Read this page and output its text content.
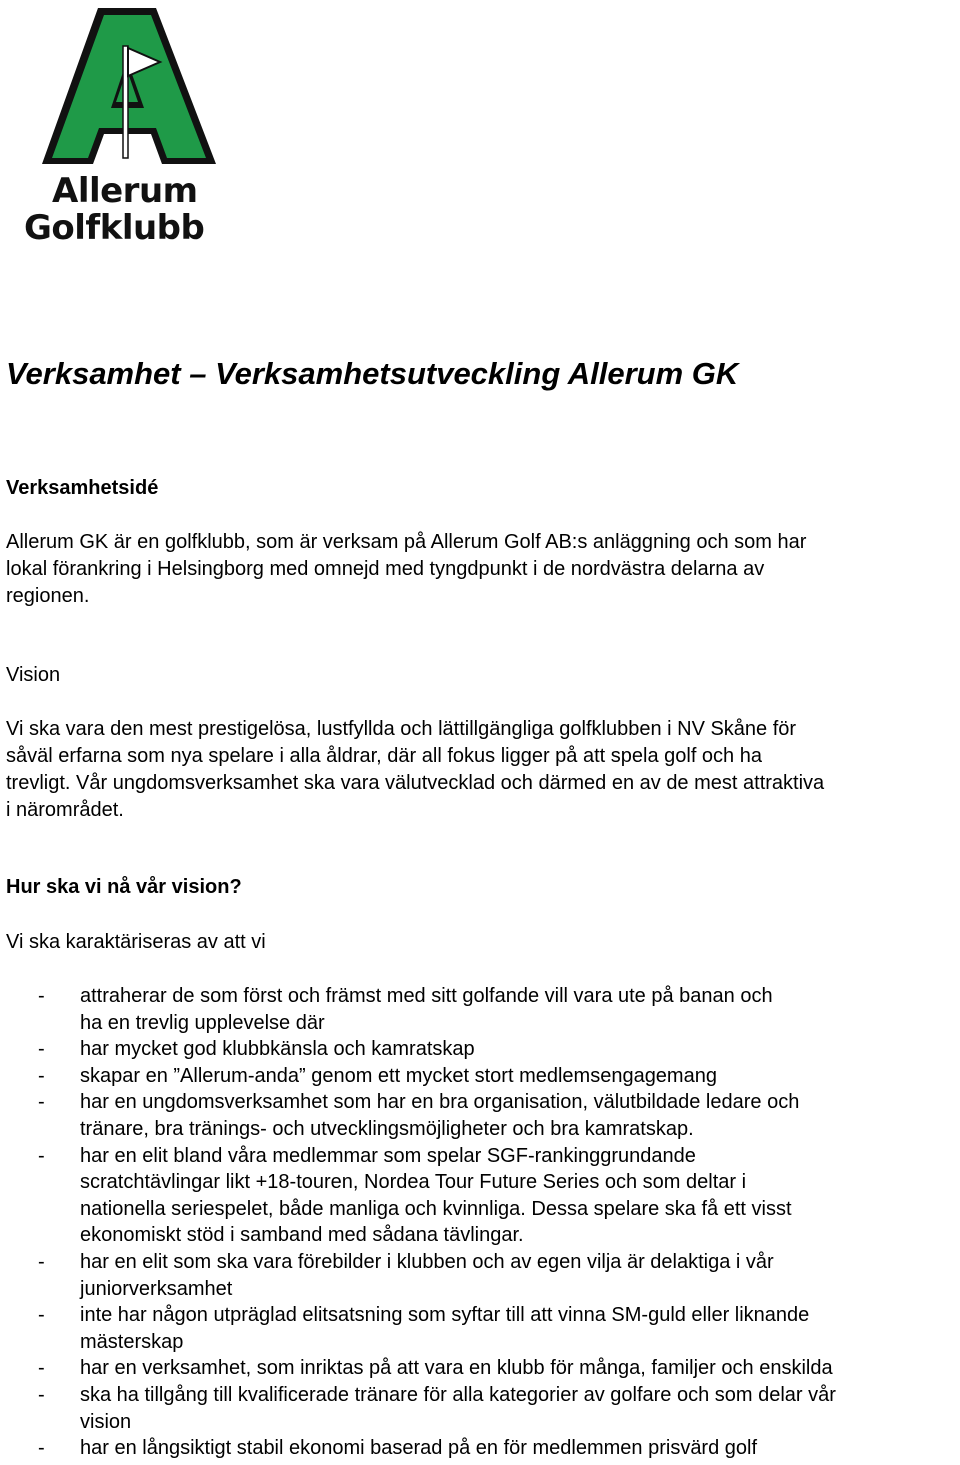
Allerum
Golfklubb
Verksamhet – Verksamhetsutveckling Allerum GK
Verksamhetsidé

Allerum GK är en golfklubb, som är verksam på Allerum Golf AB:s anläggning och som har
lokal förankring i Helsingborg med omnejd med tyngdpunkt i de nordvästra delarna av
regionen.

Vision

Vi ska vara den mest prestigelösa, lustfyllda och lättillgängliga golfklubben i NV Skåne för
såväl erfarna som nya spelare i alla åldrar, där all fokus ligger på att spela golf och ha
trevligt. Vår ungdomsverksamhet ska vara välutvecklad och därmed en av de mest attraktiva
i närområdet.

Hur ska vi nå vår vision?

Vi ska karaktäriseras av att vi

- attraherar de som först och främst med sitt golfande vill vara ute på banan och
ha en trevlig upplevelse där
- har mycket god klubbkänsla och kamratskap
- skapar en ”Allerum-anda” genom ett mycket stort medlemsengagemang
- har en ungdomsverksamhet som har en bra organisation, välutbildade ledare och
tränare, bra tränings- och utvecklingsmöjligheter och bra kamratskap.
- har en elit bland våra medlemmar som spelar SGF-rankinggrundande
scratchtävlingar likt +18-touren, Nordea Tour Future Series och som deltar i
nationella seriespelet, både manliga och kvinnliga. Dessa spelare ska få ett visst
ekonomiskt stöd i samband med sådana tävlingar.
- har en elit som ska vara förebilder i klubben och av egen vilja är delaktiga i vår
juniorverksamhet
- inte har någon utpräglad elitsatsning som syftar till att vinna SM-guld eller liknande
mästerskap
- har en verksamhet, som inriktas på att vara en klubb för många, familjer och enskilda
- ska ha tillgång till kvalificerade tränare för alla kategorier av golfare och som delar vår
vision
- har en långsiktigt stabil ekonomi baserad på en för medlemmen prisvärd golf
